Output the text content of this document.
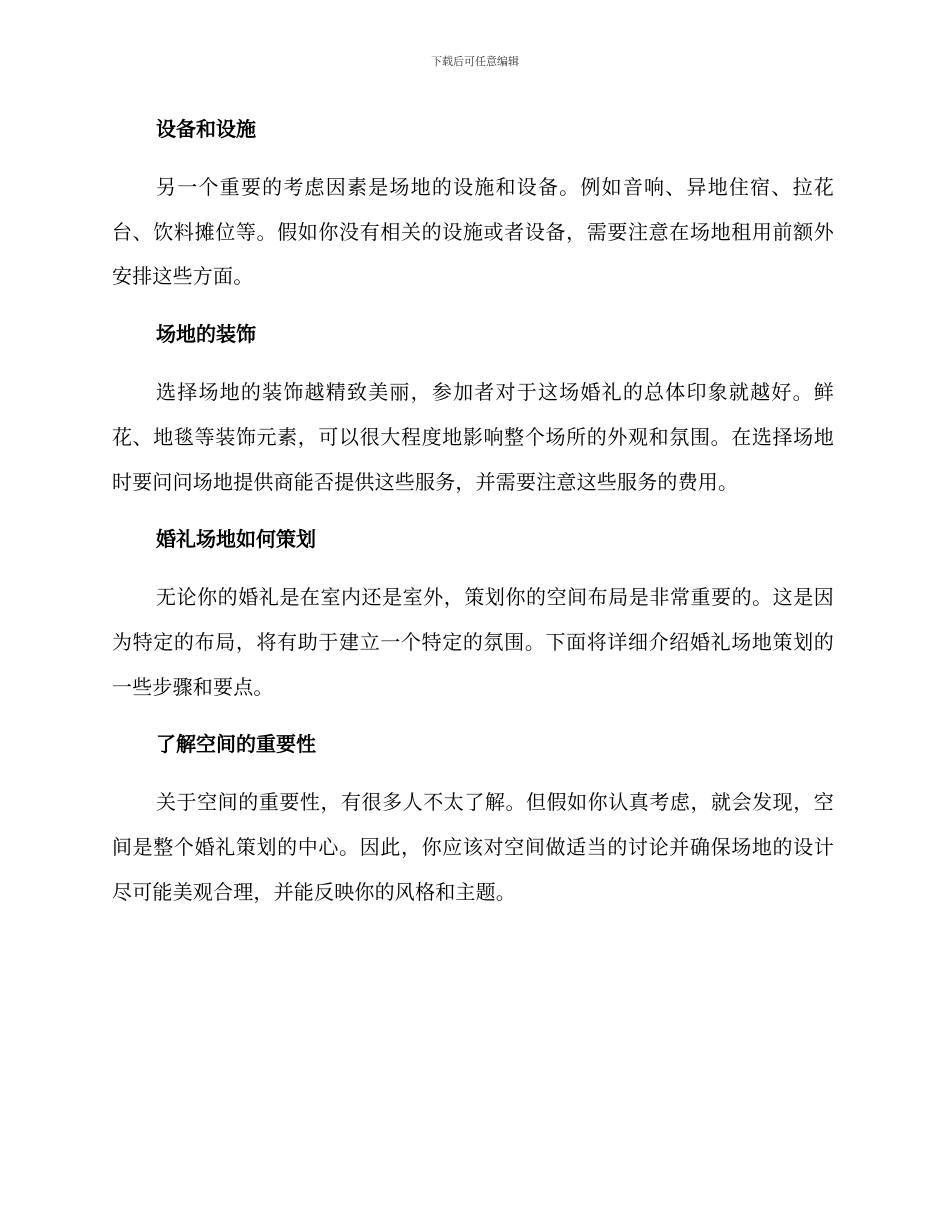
下载后可任意编辑
设备和设施

另一个重要的考虑因素是场地的设施和设备。例如音响、异地住宿、拉花台、饮料摊位等。假如你没有相关的设施或者设备，需要注意在场地租用前额外安排这些方面。

场地的装饰

选择场地的装饰越精致美丽，参加者对于这场婚礼的总体印象就越好。鲜花、地毯等装饰元素，可以很大程度地影响整个场所的外观和氛围。在选择场地时要问问场地提供商能否提供这些服务，并需要注意这些服务的费用。

婚礼场地如何策划

无论你的婚礼是在室内还是室外，策划你的空间布局是非常重要的。这是因为特定的布局，将有助于建立一个特定的氛围。下面将详细介绍婚礼场地策划的一些步骤和要点。

了解空间的重要性

关于空间的重要性，有很多人不太了解。但假如你认真考虑，就会发现，空间是整个婚礼策划的中心。因此，你应该对空间做适当的讨论并确保场地的设计尽可能美观合理，并能反映你的风格和主题。
